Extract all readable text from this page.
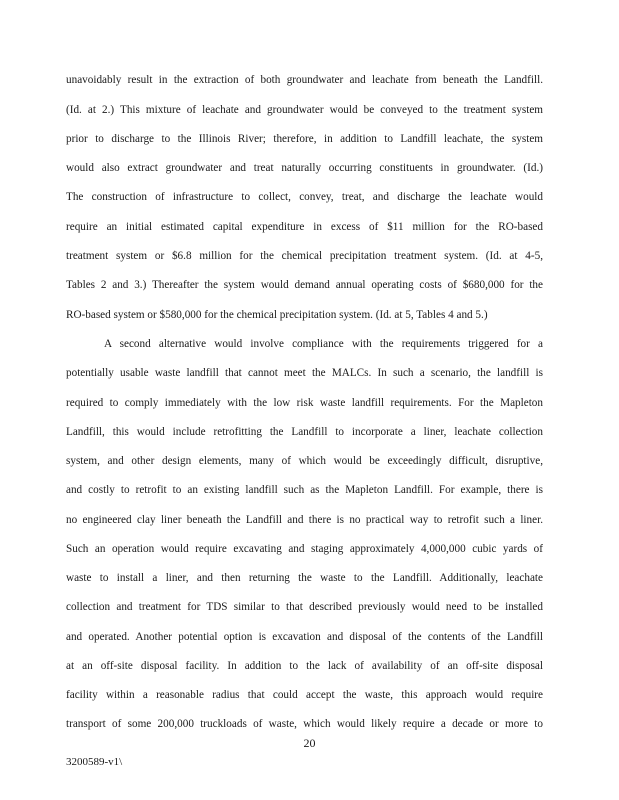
unavoidably result in the extraction of both groundwater and leachate from beneath the Landfill.
(Id. at 2.) This mixture of leachate and groundwater would be conveyed to the treatment system
prior to discharge to the Illinois River; therefore, in addition to Landfill leachate, the system
would also extract groundwater and treat naturally occurring constituents in groundwater. (Id.)
The construction of infrastructure to collect, convey, treat, and discharge the leachate would
require an initial estimated capital expenditure in excess of $11 million for the RO-based
treatment system or $6.8 million for the chemical precipitation treatment system. (Id. at 4-5,
Tables 2 and 3.) Thereafter the system would demand annual operating costs of $680,000 for the
RO-based system or $580,000 for the chemical precipitation system. (Id. at 5, Tables 4 and 5.)
A second alternative would involve compliance with the requirements triggered for a
potentially usable waste landfill that cannot meet the MALCs. In such a scenario, the landfill is
required to comply immediately with the low risk waste landfill requirements. For the Mapleton
Landfill, this would include retrofitting the Landfill to incorporate a liner, leachate collection
system, and other design elements, many of which would be exceedingly difficult, disruptive,
and costly to retrofit to an existing landfill such as the Mapleton Landfill. For example, there is
no engineered clay liner beneath the Landfill and there is no practical way to retrofit such a liner.
Such an operation would require excavating and staging approximately 4,000,000 cubic yards of
waste to install a liner, and then returning the waste to the Landfill. Additionally, leachate
collection and treatment for TDS similar to that described previously would need to be installed
and operated. Another potential option is excavation and disposal of the contents of the Landfill
at an off-site disposal facility. In addition to the lack of availability of an off-site disposal
facility within a reasonable radius that could accept the waste, this approach would require
transport of some 200,000 truckloads of waste, which would likely require a decade or more to
20
3200589-v1\
